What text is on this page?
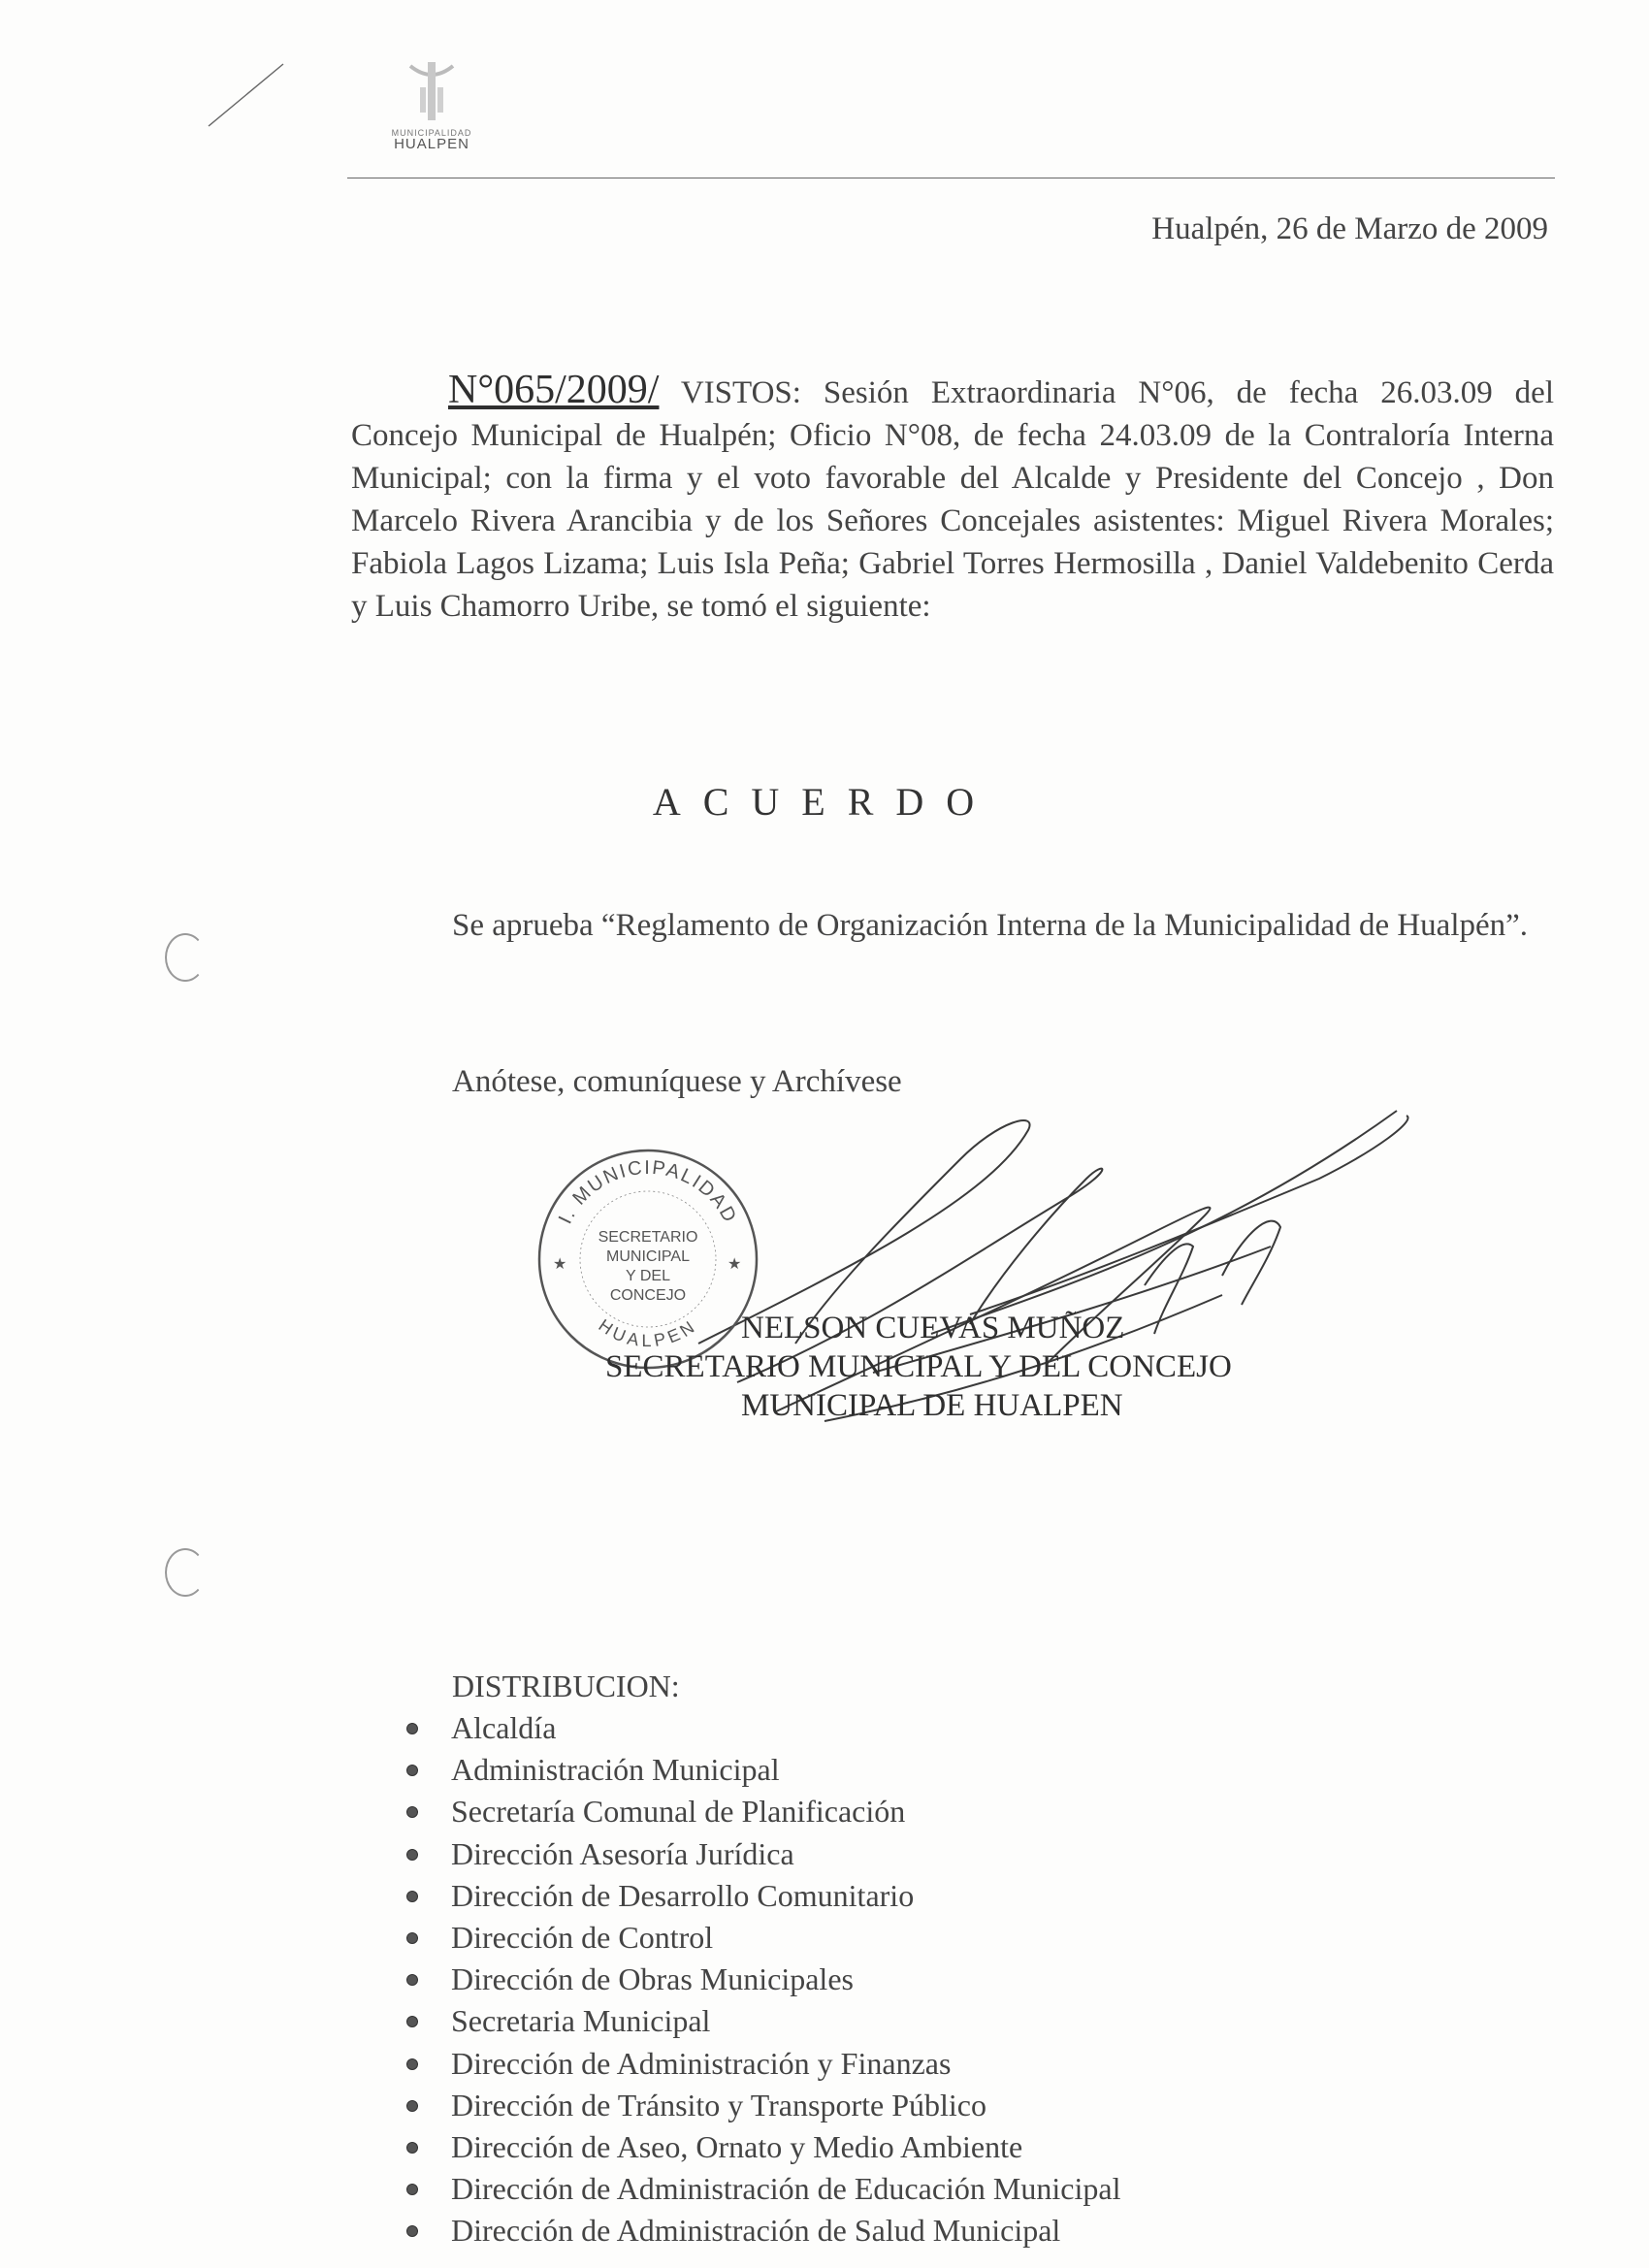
MUNICIPALIDAD
HUALPEN
Hualpén, 26 de Marzo de 2009
N°065/2009/ VISTOS: Sesión Extraordinaria N°06, de fecha 26.03.09 del Concejo Municipal de Hualpén; Oficio N°08, de fecha 24.03.09 de la Contraloría Interna Municipal; con la firma y el voto favorable del Alcalde y Presidente del Concejo , Don Marcelo Rivera Arancibia y de los Señores Concejales asistentes: Miguel Rivera Morales; Fabiola Lagos Lizama; Luis Isla Peña; Gabriel Torres Hermosilla , Daniel Valdebenito Cerda y Luis Chamorro Uribe, se tomó el siguiente:
ACUERDO
Se aprueba “Reglamento de Organización Interna de la Municipalidad de Hualpén”.
Anótese, comuníquese y Archívese
I. MUNICIPALIDAD
HUALPEN
SECRETARIO
MUNICIPAL
Y DEL
CONCEJO
★	★
NELSON CUEVAS MUÑOZ
SECRETARIO MUNICIPAL Y DEL CONCEJO
MUNICIPAL DE HUALPEN
DISTRIBUCION:
Alcaldía
Administración Municipal
Secretaría Comunal de Planificación
Dirección Asesoría Jurídica
Dirección de Desarrollo Comunitario
Dirección de Control
Dirección de Obras Municipales
Secretaria Municipal
Dirección de Administración y Finanzas
Dirección de Tránsito y Transporte Público
Dirección de Aseo, Ornato y Medio Ambiente
Dirección de Administración de Educación Municipal
Dirección de Administración de Salud Municipal
